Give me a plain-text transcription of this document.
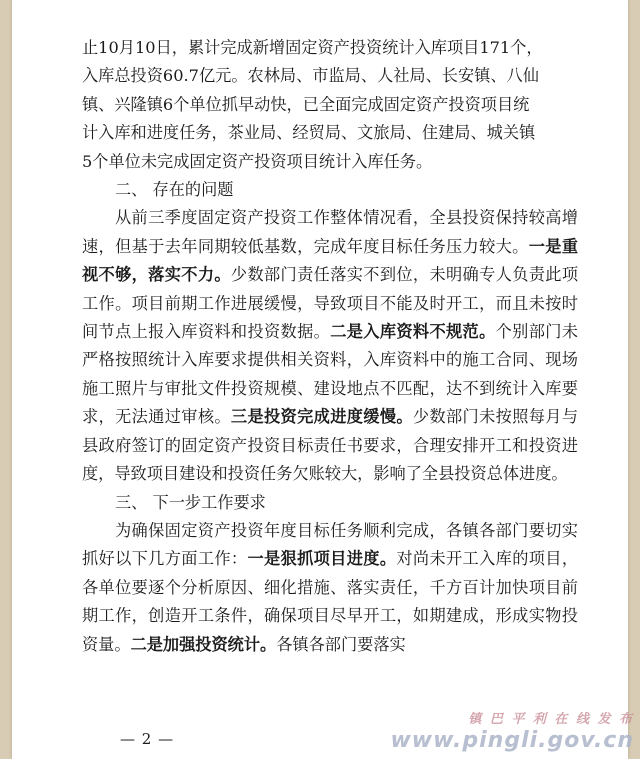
止10月10日，累计完成新增固定资产投资统计入库项目171个，
入库总投资60.7亿元。农林局、市监局、人社局、长安镇、八仙
镇、兴隆镇6个单位抓早动快，已全面完成固定资产投资项目统
计入库和进度任务，茶业局、经贸局、文旅局、住建局、城关镇
5个单位未完成固定资产投资项目统计入库任务。

二、 存在的问题

从前三季度固定资产投资工作整体情况看，全县投资保持较高增速，但基于去年同期较低基数，完成年度目标任务压力较大。一是重视不够，落实不力。少数部门责任落实不到位，未明确专人负责此项工作。项目前期工作进展缓慢，导致项目不能及时开工，而且未按时间节点上报入库资料和投资数据。二是入库资料不规范。个别部门未严格按照统计入库要求提供相关资料，入库资料中的施工合同、现场施工照片与审批文件投资规模、建设地点不匹配，达不到统计入库要求，无法通过审核。三是投资完成进度缓慢。少数部门未按照每月与县政府签订的固定资产投资目标责任书要求，合理安排开工和投资进度，导致项目建设和投资任务欠账较大，影响了全县投资总体进度。

三、 下一步工作要求

为确保固定资产投资年度目标任务顺利完成，各镇各部门要切实抓好以下几方面工作：一是狠抓项目进度。对尚未开工入库的项目，各单位要逐个分析原因、细化措施、落实责任，千方百计加快项目前期工作，创造开工条件，确保项目尽早开工，如期建成，形成实物投资量。二是加强投资统计。各镇各部门要落实

— 2 —
镇 巴 平 利 在 线 发 布
www.pingli.gov.cn
